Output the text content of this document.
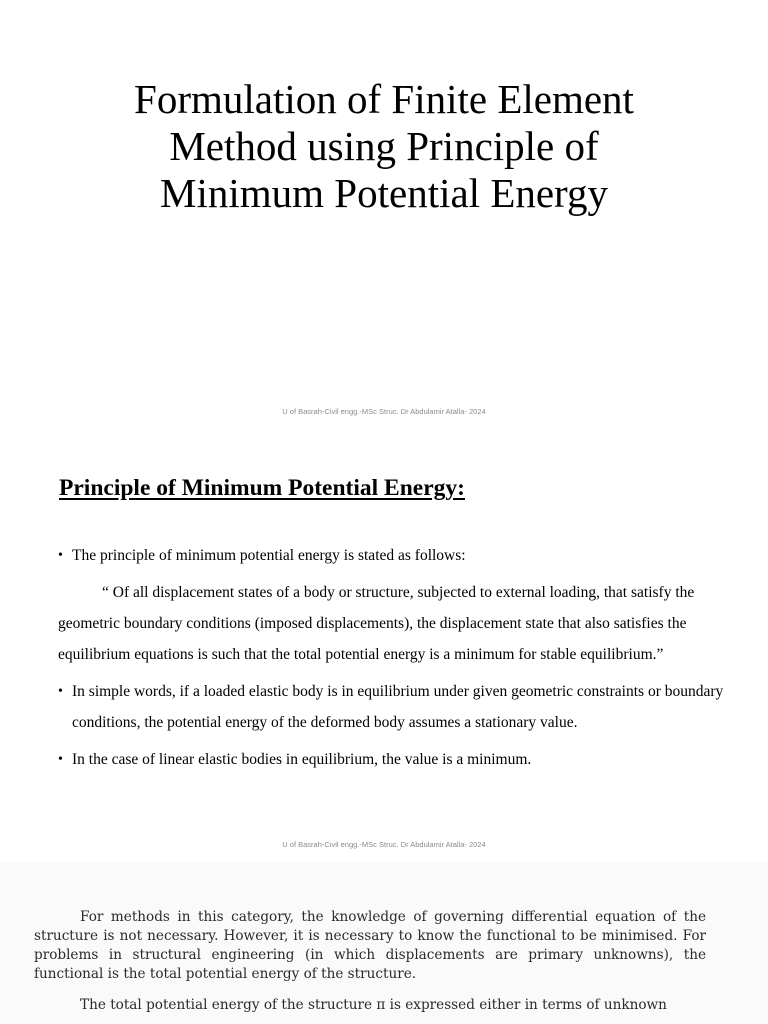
Formulation of Finite Element
Method using Principle of
Minimum Potential Energy
U of Basrah-Civil engg.-MSc Struc. Dr Abdulamir Atalla- 2024
Principle of Minimum Potential Energy:
• The principle of minimum potential energy is stated as follows:
“ Of all displacement states of a body or structure, subjected to external loading, that satisfy the geometric boundary conditions (imposed displacements), the displacement state that also satisfies the equilibrium equations is such that the total potential energy is a minimum for stable equilibrium.”
• In simple words, if a loaded elastic body is in equilibrium under given geometric constraints or boundary conditions, the potential energy of the deformed body assumes a stationary value.
• In the case of linear elastic bodies in equilibrium, the value is a minimum.
U of Basrah-Civil engg.-MSc Struc. Dr Abdulamir Atalla- 2024

For methods in this category, the knowledge of governing differential equation of the structure is not necessary. However, it is necessary to know the functional to be minimised. For problems in structural engineering (in which displacements are primary unknowns), the functional is the total potential energy of the structure.

The total potential energy of the structure π is expressed either in terms of unknown
